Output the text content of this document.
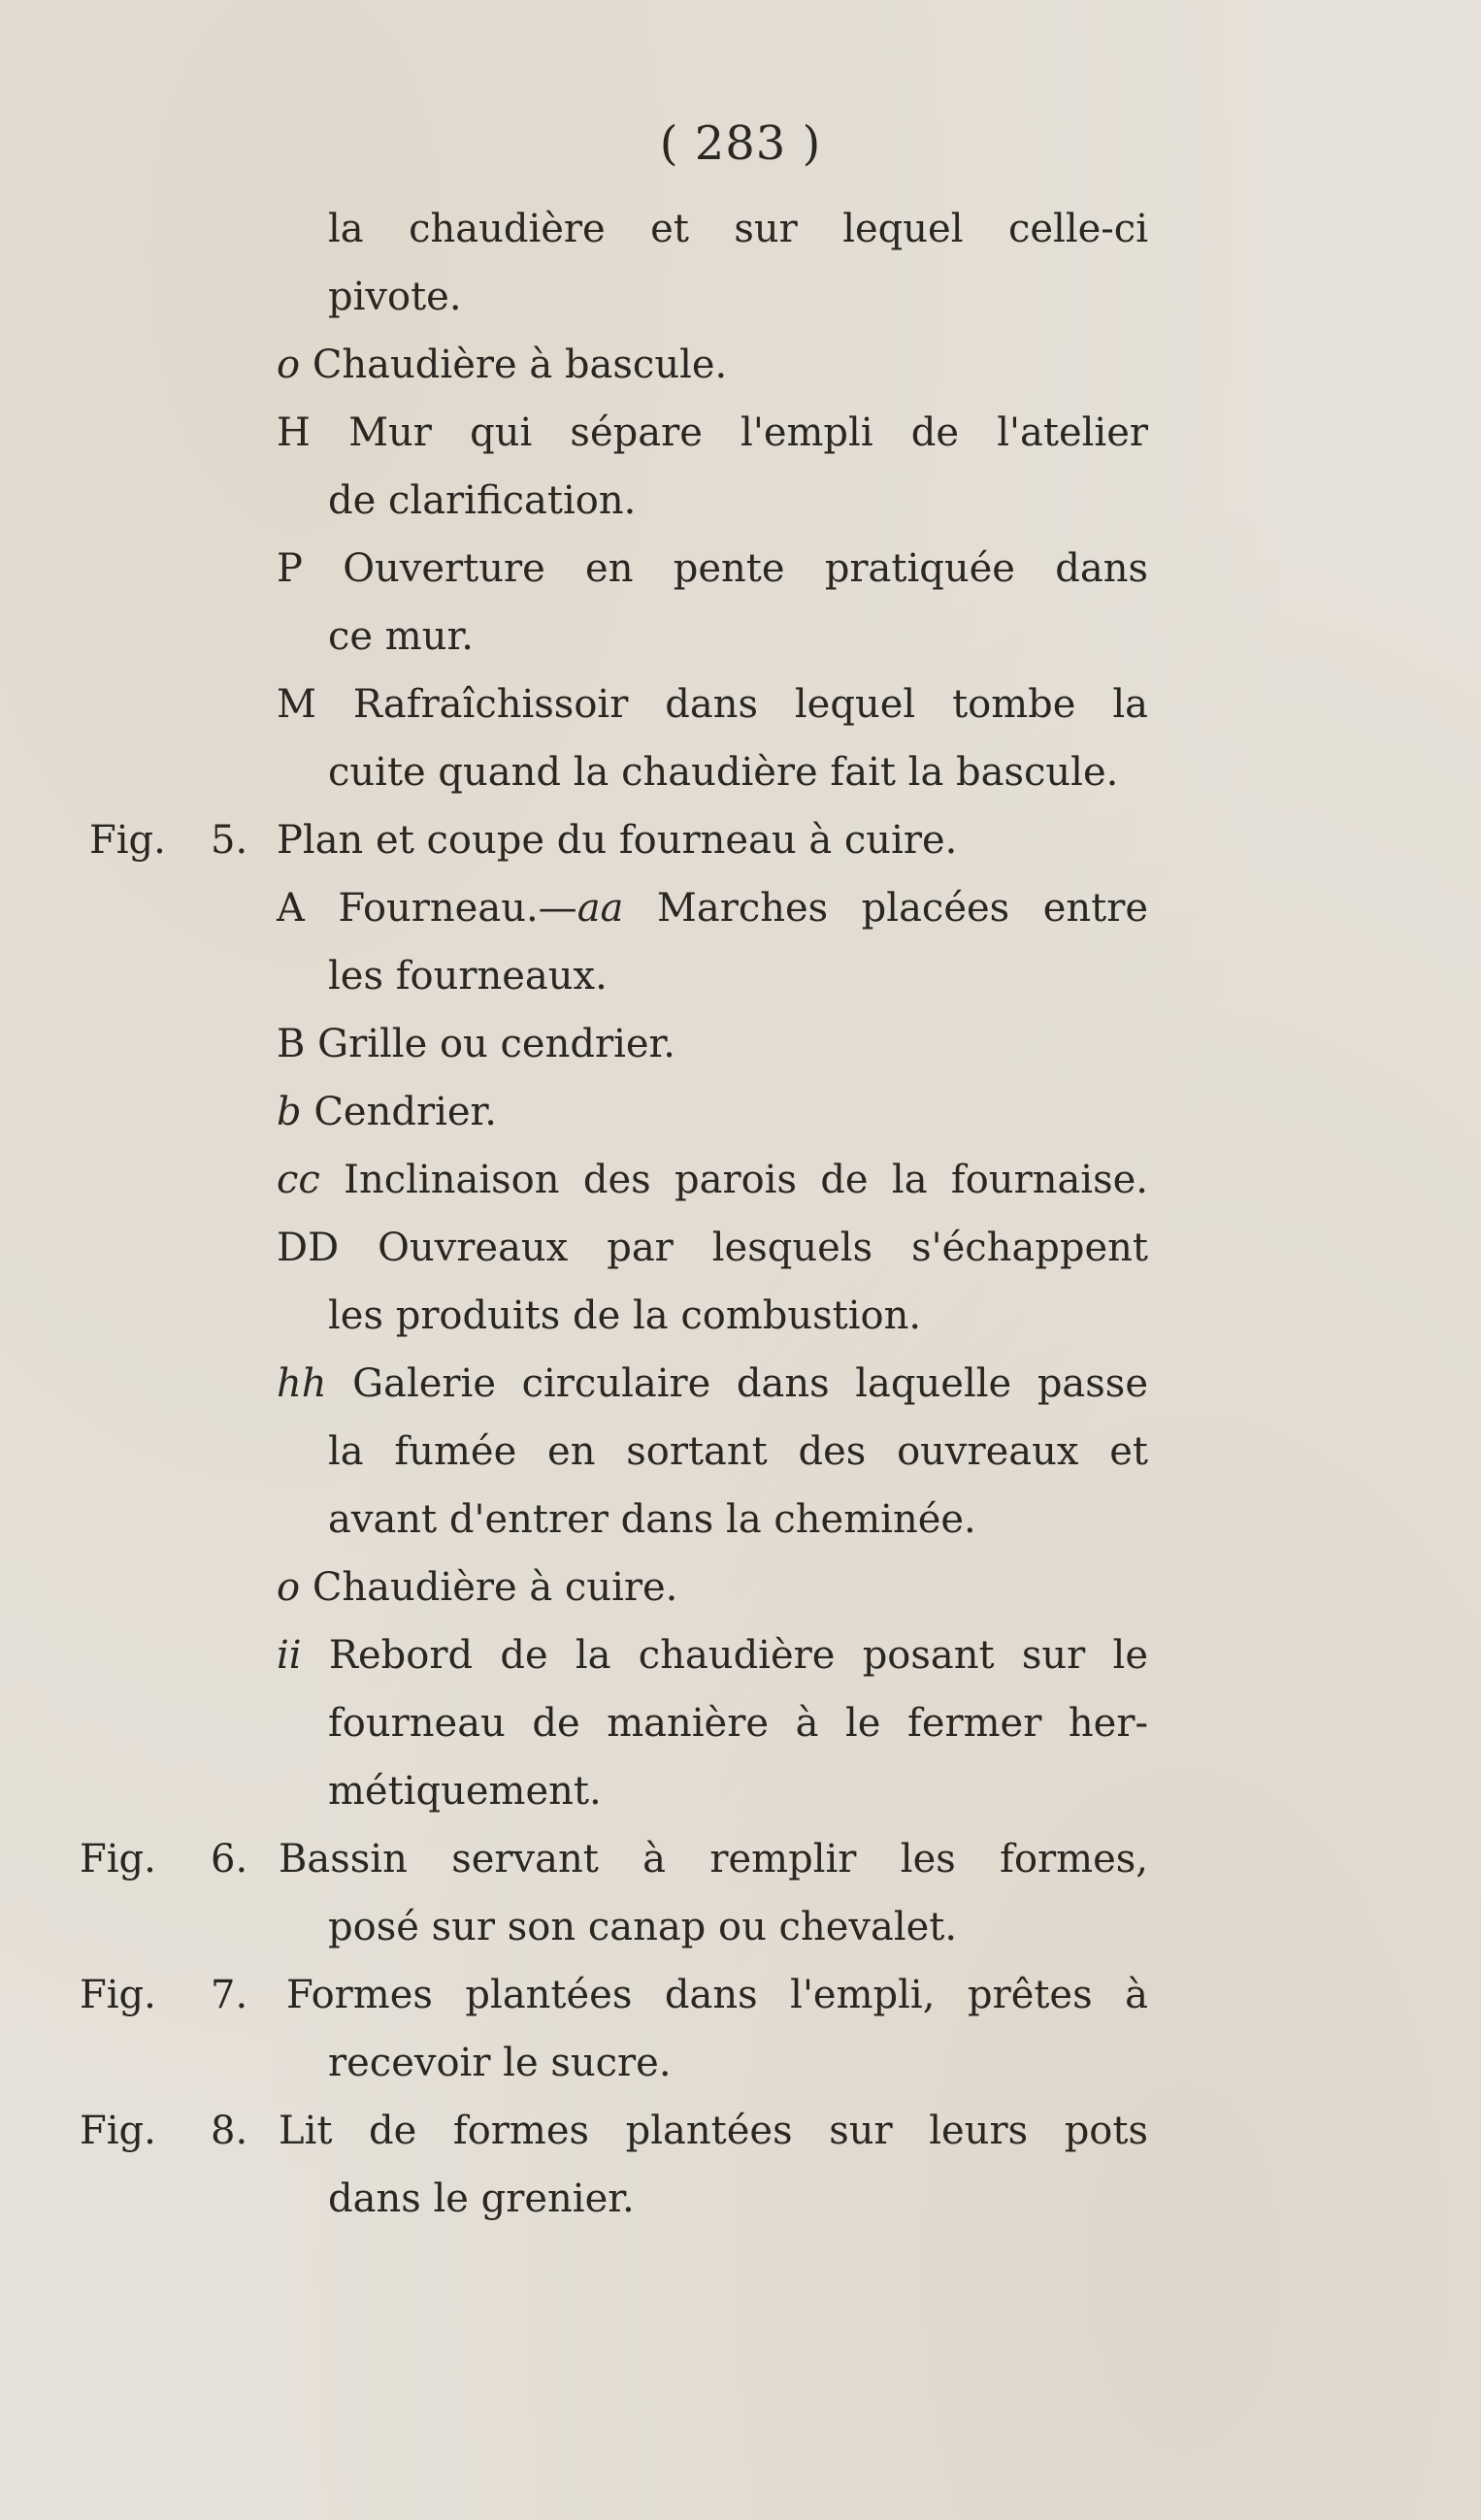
( 283 )
la chaudière et sur lequel celle-ci
pivote.
o Chaudière à bascule.
H Mur qui sépare l'empli de l'atelier
de clarification.
P Ouverture en pente pratiquée dans
ce mur.
M Rafraîchissoir dans lequel tombe la
cuite quand la chaudière fait la bascule.
Fig. 5. Plan et coupe du fourneau à cuire.
A Fourneau.—aa Marches placées entre
les fourneaux.
B Grille ou cendrier.
b Cendrier.
cc Inclinaison des parois de la fournaise.
DD Ouvreaux par lesquels s'échappent
les produits de la combustion.
hh Galerie circulaire dans laquelle passe
la fumée en sortant des ouvreaux et
avant d'entrer dans la cheminée.
o Chaudière à cuire.
ii Rebord de la chaudière posant sur le
fourneau de manière à le fermer her-
métiquement.
Fig.	6. Bassin servant à remplir les formes,
posé sur son canap ou chevalet.
Fig.	7. Formes plantées dans l'empli, prêtes à
recevoir le sucre.
Fig.	8. Lit de formes plantées sur leurs pots
dans le grenier.
